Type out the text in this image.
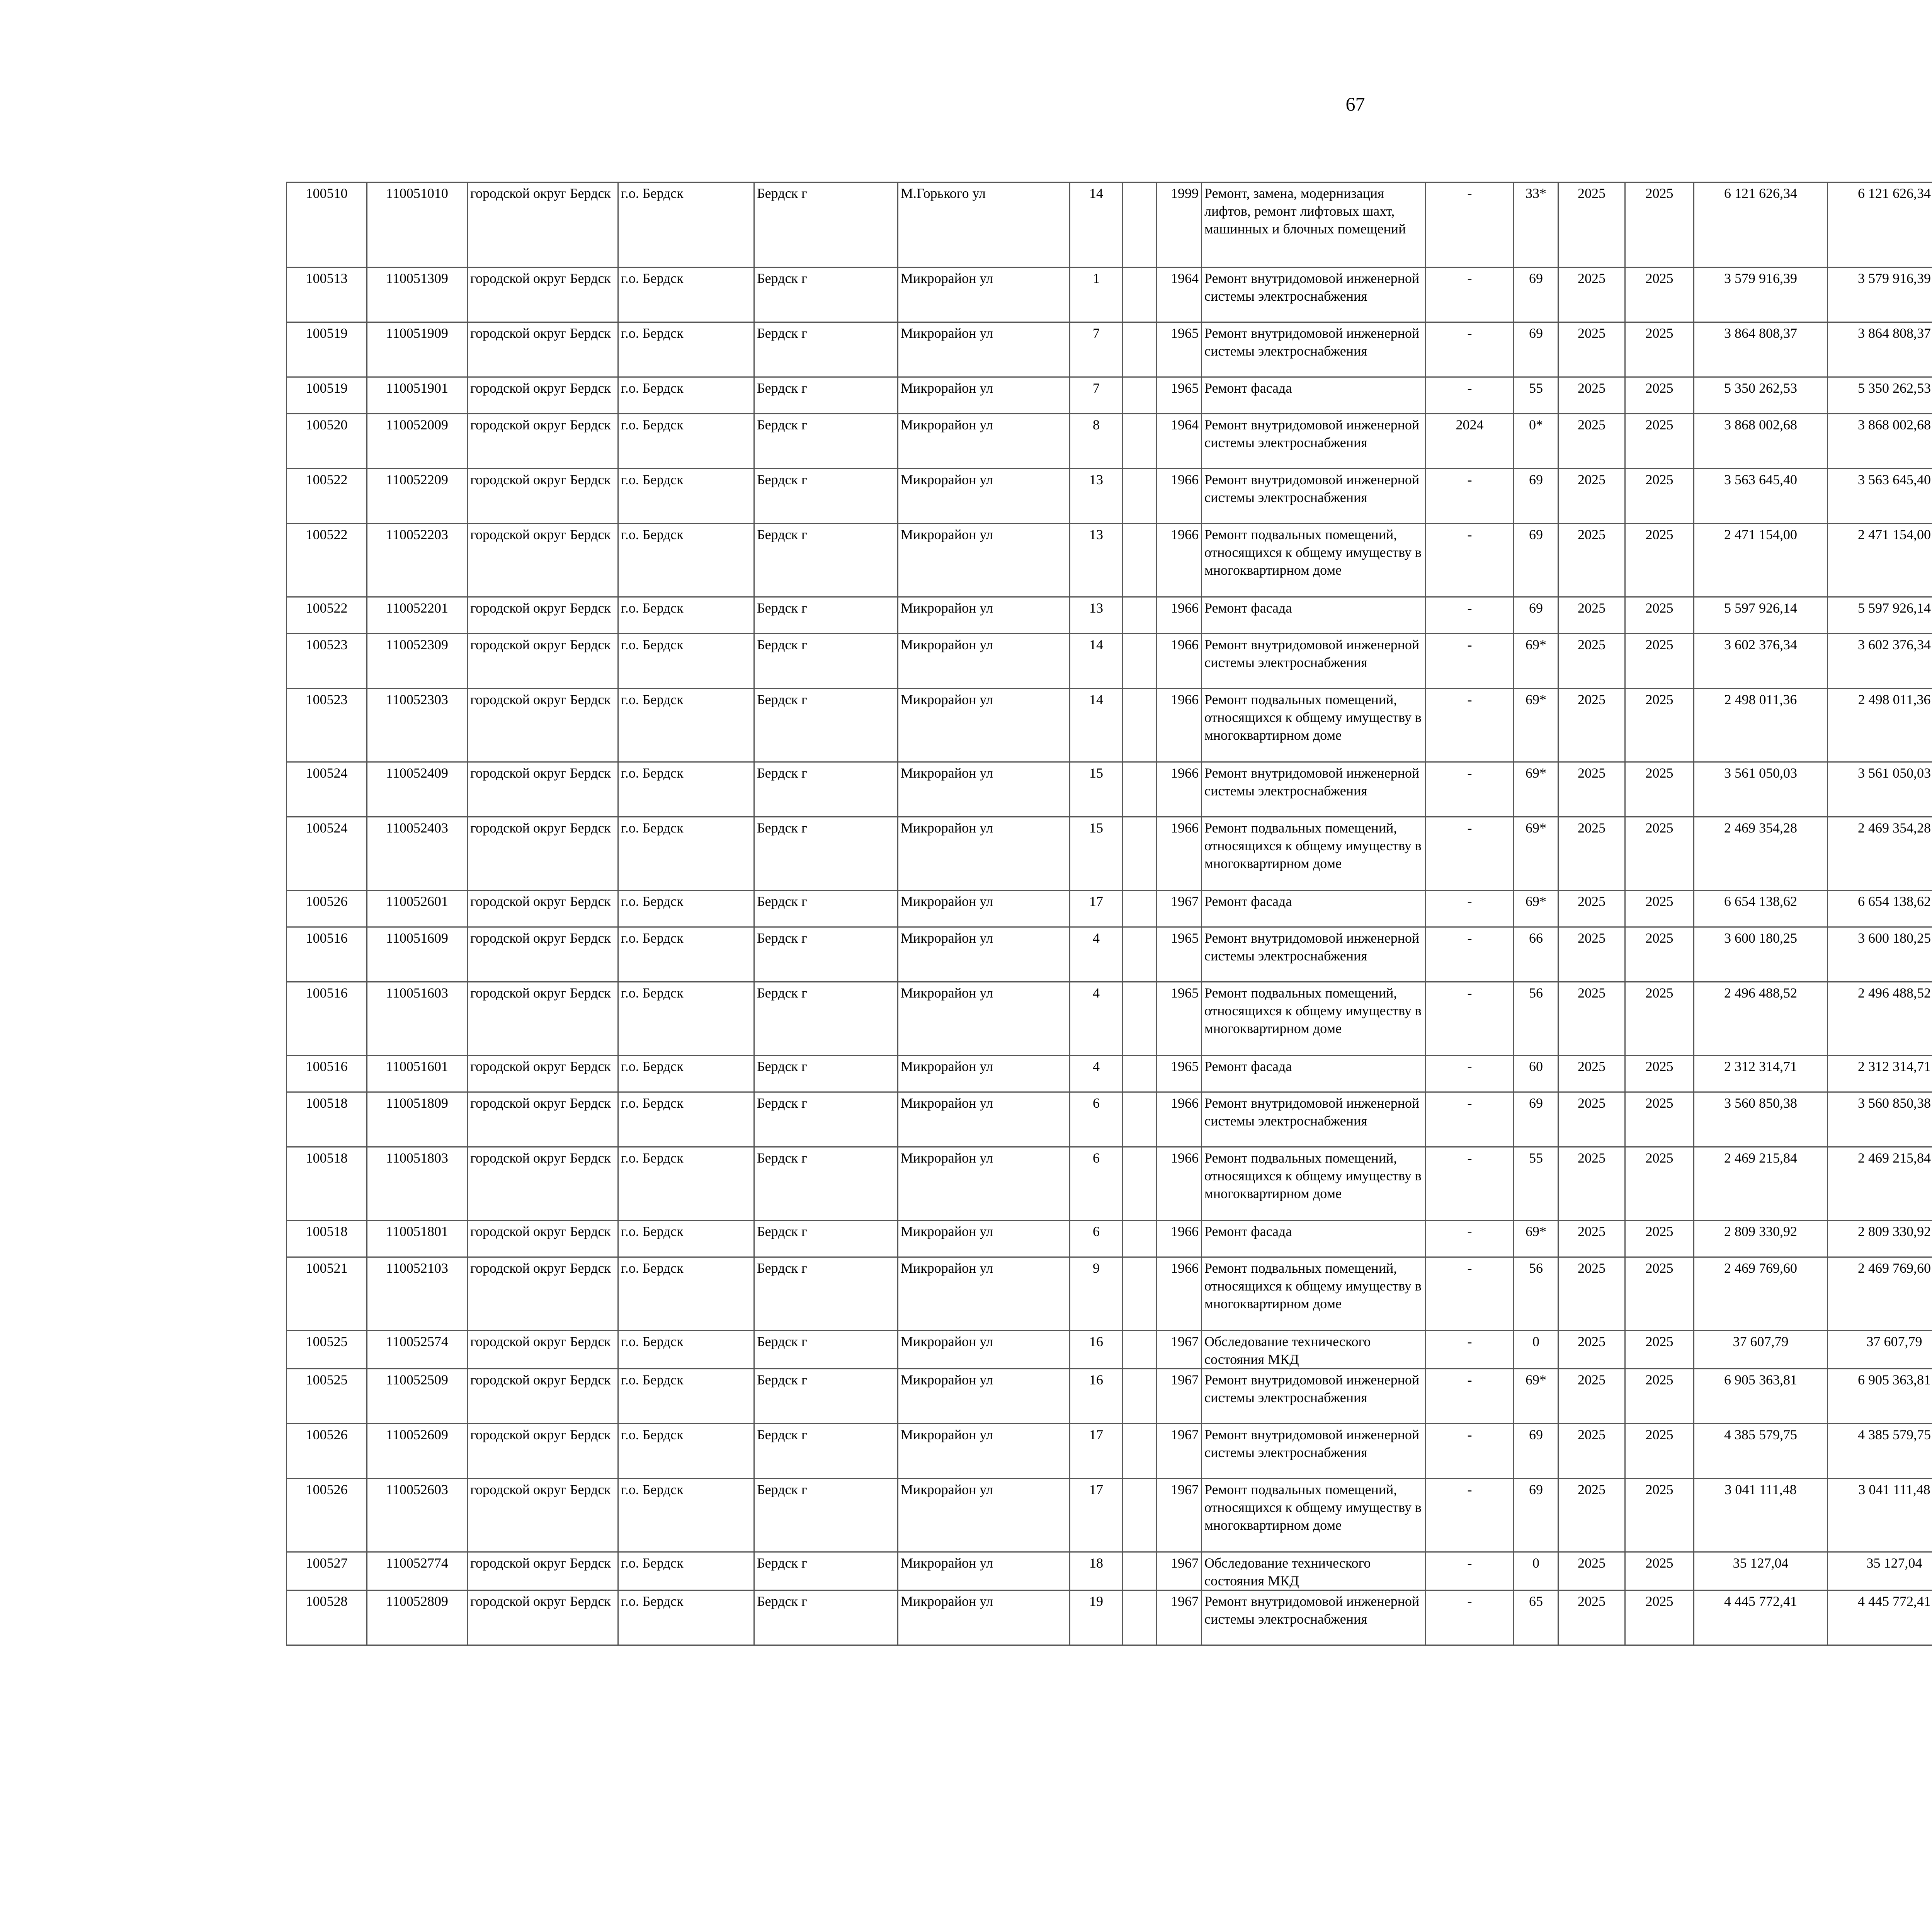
67
100510	110051010	городской округ Бердск	г.о. Бердск	Бердск г	М.Горького ул	14		1999	Ремонт, замена, модернизация лифтов, ремонт лифтовых шахт, машинных и блочных помещений	-	33*	2025	2025	6 121 626,34	6 121 626,34						
100513	110051309	городской округ Бердск	г.о. Бердск	Бердск г	Микрорайон ул	1		1964	Ремонт внутридомовой инженерной системы электроснабжения	-	69	2025	2025	3 579 916,39	3 579 916,39						
100519	110051909	городской округ Бердск	г.о. Бердск	Бердск г	Микрорайон ул	7		1965	Ремонт внутридомовой инженерной системы электроснабжения	-	69	2025	2025	3 864 808,37	3 864 808,37						
100519	110051901	городской округ Бердск	г.о. Бердск	Бердск г	Микрорайон ул	7		1965	Ремонт фасада	-	55	2025	2025	5 350 262,53	5 350 262,53						
100520	110052009	городской округ Бердск	г.о. Бердск	Бердск г	Микрорайон ул	8		1964	Ремонт внутридомовой инженерной системы электроснабжения	2024	0*	2025	2025	3 868 002,68	3 868 002,68						
100522	110052209	городской округ Бердск	г.о. Бердск	Бердск г	Микрорайон ул	13		1966	Ремонт внутридомовой инженерной системы электроснабжения	-	69	2025	2025	3 563 645,40	3 563 645,40						
100522	110052203	городской округ Бердск	г.о. Бердск	Бердск г	Микрорайон ул	13		1966	Ремонт подвальных помещений, относящихся к общему имуществу в многоквартирном доме	-	69	2025	2025	2 471 154,00	2 471 154,00						
100522	110052201	городской округ Бердск	г.о. Бердск	Бердск г	Микрорайон ул	13		1966	Ремонт фасада	-	69	2025	2025	5 597 926,14	5 597 926,14						
100523	110052309	городской округ Бердск	г.о. Бердск	Бердск г	Микрорайон ул	14		1966	Ремонт внутридомовой инженерной системы электроснабжения	-	69*	2025	2025	3 602 376,34	3 602 376,34						
100523	110052303	городской округ Бердск	г.о. Бердск	Бердск г	Микрорайон ул	14		1966	Ремонт подвальных помещений, относящихся к общему имуществу в многоквартирном доме	-	69*	2025	2025	2 498 011,36	2 498 011,36						
100524	110052409	городской округ Бердск	г.о. Бердск	Бердск г	Микрорайон ул	15		1966	Ремонт внутридомовой инженерной системы электроснабжения	-	69*	2025	2025	3 561 050,03	3 561 050,03						
100524	110052403	городской округ Бердск	г.о. Бердск	Бердск г	Микрорайон ул	15		1966	Ремонт подвальных помещений, относящихся к общему имуществу в многоквартирном доме	-	69*	2025	2025	2 469 354,28	2 469 354,28						
100526	110052601	городской округ Бердск	г.о. Бердск	Бердск г	Микрорайон ул	17		1967	Ремонт фасада	-	69*	2025	2025	6 654 138,62	6 654 138,62						
100516	110051609	городской округ Бердск	г.о. Бердск	Бердск г	Микрорайон ул	4		1965	Ремонт внутридомовой инженерной системы электроснабжения	-	66	2025	2025	3 600 180,25	3 600 180,25						
100516	110051603	городской округ Бердск	г.о. Бердск	Бердск г	Микрорайон ул	4		1965	Ремонт подвальных помещений, относящихся к общему имуществу в многоквартирном доме	-	56	2025	2025	2 496 488,52	2 496 488,52						
100516	110051601	городской округ Бердск	г.о. Бердск	Бердск г	Микрорайон ул	4		1965	Ремонт фасада	-	60	2025	2025	2 312 314,71	2 312 314,71						
100518	110051809	городской округ Бердск	г.о. Бердск	Бердск г	Микрорайон ул	6		1966	Ремонт внутридомовой инженерной системы электроснабжения	-	69	2025	2025	3 560 850,38	3 560 850,38						
100518	110051803	городской округ Бердск	г.о. Бердск	Бердск г	Микрорайон ул	6		1966	Ремонт подвальных помещений, относящихся к общему имуществу в многоквартирном доме	-	55	2025	2025	2 469 215,84	2 469 215,84						
100518	110051801	городской округ Бердск	г.о. Бердск	Бердск г	Микрорайон ул	6		1966	Ремонт фасада	-	69*	2025	2025	2 809 330,92	2 809 330,92						
100521	110052103	городской округ Бердск	г.о. Бердск	Бердск г	Микрорайон ул	9		1966	Ремонт подвальных помещений, относящихся к общему имуществу в многоквартирном доме	-	56	2025	2025	2 469 769,60	2 469 769,60						
100525	110052574	городской округ Бердск	г.о. Бердск	Бердск г	Микрорайон ул	16		1967	Обследование технического состояния МКД	-	0	2025	2025	37 607,79	37 607,79						
100525	110052509	городской округ Бердск	г.о. Бердск	Бердск г	Микрорайон ул	16		1967	Ремонт внутридомовой инженерной системы электроснабжения	-	69*	2025	2025	6 905 363,81	6 905 363,81						
100526	110052609	городской округ Бердск	г.о. Бердск	Бердск г	Микрорайон ул	17		1967	Ремонт внутридомовой инженерной системы электроснабжения	-	69	2025	2025	4 385 579,75	4 385 579,75						
100526	110052603	городской округ Бердск	г.о. Бердск	Бердск г	Микрорайон ул	17		1967	Ремонт подвальных помещений, относящихся к общему имуществу в многоквартирном доме	-	69	2025	2025	3 041 111,48	3 041 111,48						
100527	110052774	городской округ Бердск	г.о. Бердск	Бердск г	Микрорайон ул	18		1967	Обследование технического состояния МКД	-	0	2025	2025	35 127,04	35 127,04						
100528	110052809	городской округ Бердск	г.о. Бердск	Бердск г	Микрорайон ул	19		1967	Ремонт внутридомовой инженерной системы электроснабжения	-	65	2025	2025	4 445 772,41	4 445 772,41						
